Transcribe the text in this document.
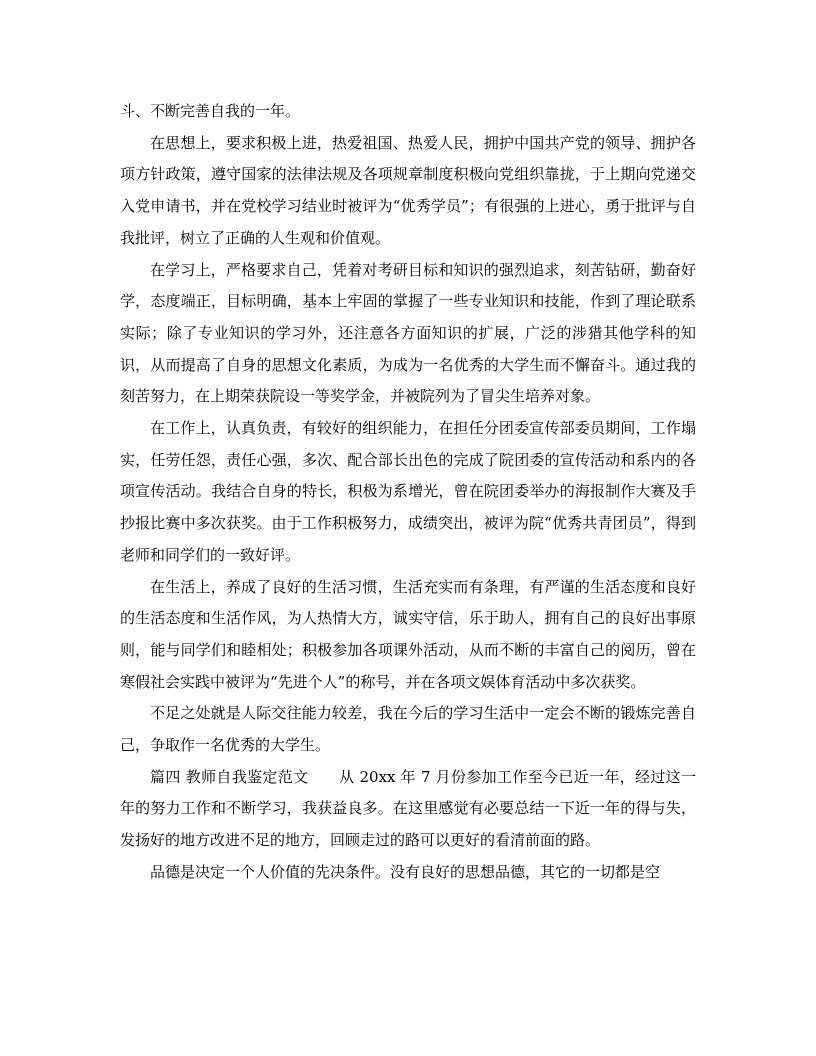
斗、不断完善自我的一年。

在思想上，要求积极上进，热爱祖国、热爱人民，拥护中国共产党的领导、拥护各项方针政策，遵守国家的法律法规及各项规章制度积极向党组织靠拢，于上期向党递交入党申请书，并在党校学习结业时被评为“优秀学员”；有很强的上进心，勇于批评与自我批评，树立了正确的人生观和价值观。

在学习上，严格要求自己，凭着对考研目标和知识的强烈追求，刻苦钻研，勤奋好学，态度端正，目标明确，基本上牢固的掌握了一些专业知识和技能，作到了理论联系实际；除了专业知识的学习外，还注意各方面知识的扩展，广泛的涉猎其他学科的知识，从而提高了自身的思想文化素质，为成为一名优秀的大学生而不懈奋斗。通过我的刻苦努力，在上期荣获院设一等奖学金，并被院列为了冒尖生培养对象。

在工作上，认真负责，有较好的组织能力，在担任分团委宣传部委员期间，工作塌实，任劳任怨，责任心强，多次、配合部长出色的完成了院团委的宣传活动和系内的各项宣传活动。我结合自身的特长，积极为系增光，曾在院团委举办的海报制作大赛及手抄报比赛中多次获奖。由于工作积极努力，成绩突出，被评为院“优秀共青团员”，得到老师和同学们的一致好评。

在生活上，养成了良好的生活习惯，生活充实而有条理，有严谨的生活态度和良好的生活态度和生活作风，为人热情大方，诚实守信，乐于助人，拥有自己的良好出事原则，能与同学们和睦相处；积极参加各项课外活动，从而不断的丰富自己的阅历，曾在寒假社会实践中被评为“先进个人”的称号，并在各项文娱体育活动中多次获奖。

不足之处就是人际交往能力较差，我在今后的学习生活中一定会不断的锻炼完善自己，争取作一名优秀的大学生。

篇四 教师自我鉴定范文　　从 20xx 年 7 月份参加工作至今已近一年，经过这一年的努力工作和不断学习，我获益良多。在这里感觉有必要总结一下近一年的得与失，发扬好的地方改进不足的地方，回顾走过的路可以更好的看清前面的路。

品德是决定一个人价值的先决条件。没有良好的思想品德，其它的一切都是空
